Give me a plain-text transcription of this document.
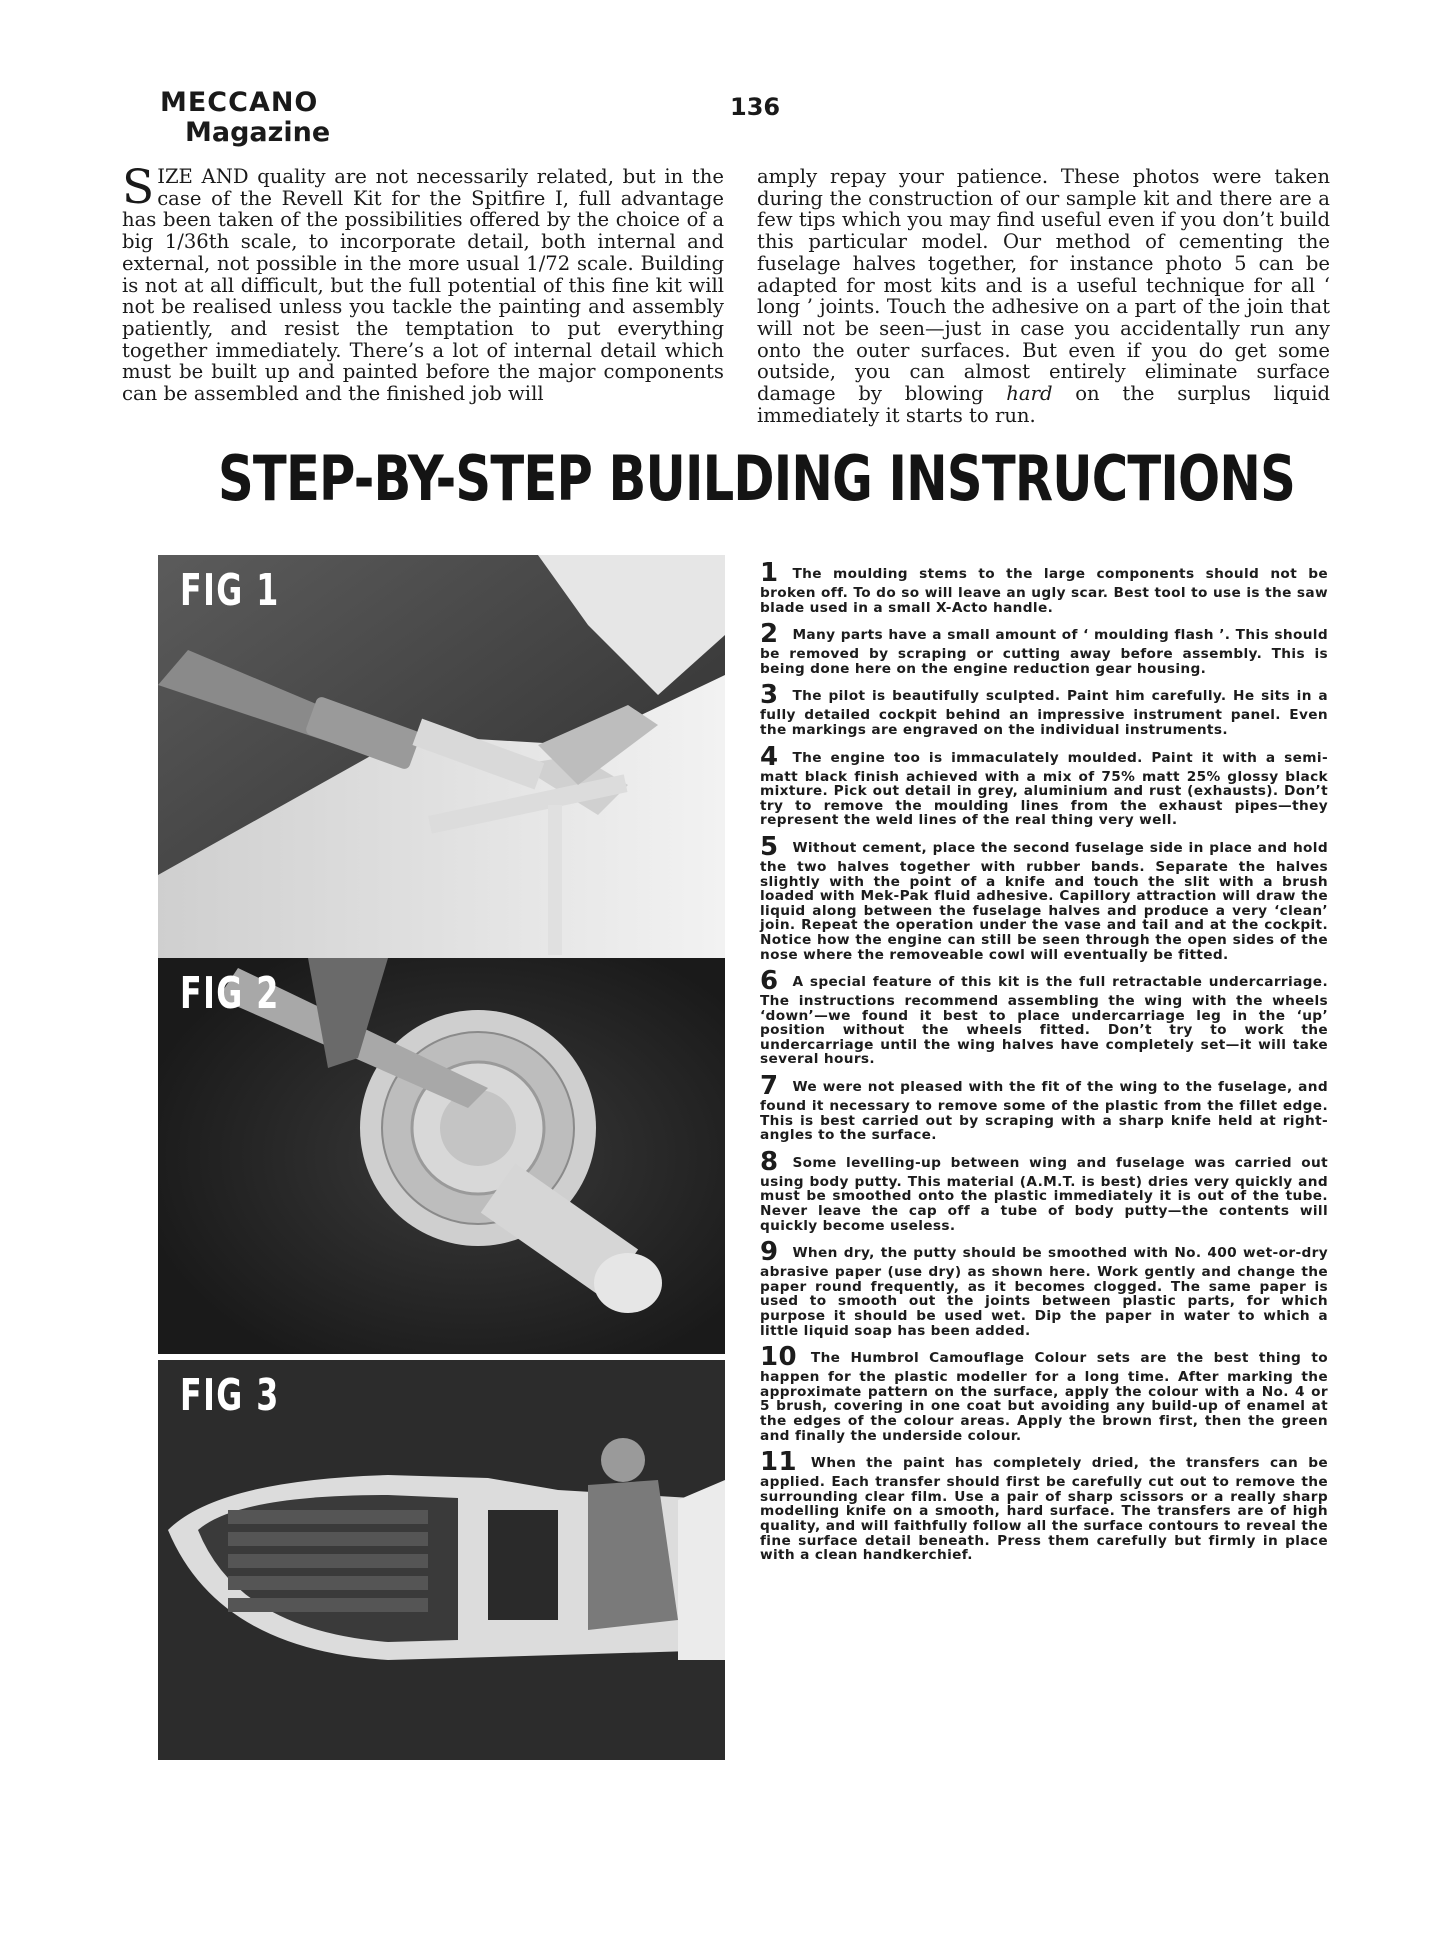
MECCANO
Magazine
136
SIZE AND quality are not necessarily related, but in the case of the Revell Kit for the Spitfire I, full advantage has been taken of the possibilities offered by the choice of a big 1/36th scale, to incorporate detail, both internal and external, not possible in the more usual 1/72 scale. Building is not at all difficult, but the full potential of this fine kit will not be realised unless you tackle the painting and assembly patiently, and resist the temptation to put everything together immediately. There’s a lot of internal detail which must be built up and painted before the major components can be assembled and the finished job will
amply repay your patience. These photos were taken during the construction of our sample kit and there are a few tips which you may find useful even if you don’t build this particular model. Our method of cementing the fuselage halves together, for instance photo 5 can be adapted for most kits and is a useful technique for all ‘ long ’ joints. Touch the adhesive on a part of the join that will not be seen—just in case you accidentally run any onto the outer surfaces. But even if you do get some outside, you can almost entirely eliminate surface damage by blowing hard on the surplus liquid immediately it starts to run.
STEP-BY-STEP BUILDING INSTRUCTIONS
FIG 1
FIG 2
FIG 3
1 The moulding stems to the large components should not be broken off. To do so will leave an ugly scar. Best tool to use is the saw blade used in a small X-Acto handle.
2 Many parts have a small amount of ‘ moulding flash ’. This should be removed by scraping or cutting away before assembly. This is being done here on the engine reduction gear housing.
3 The pilot is beautifully sculpted. Paint him carefully. He sits in a fully detailed cockpit behind an impressive instrument panel. Even the markings are engraved on the individual instruments.
4 The engine too is immaculately moulded. Paint it with a semi-matt black finish achieved with a mix of 75% matt 25% glossy black mixture. Pick out detail in grey, aluminium and rust (exhausts). Don’t try to remove the moulding lines from the exhaust pipes—they represent the weld lines of the real thing very well.
5 Without cement, place the second fuselage side in place and hold the two halves together with rubber bands. Separate the halves slightly with the point of a knife and touch the slit with a brush loaded with Mek-Pak fluid adhesive. Capillory attraction will draw the liquid along between the fuselage halves and produce a very ‘clean’ join. Repeat the operation under the vase and tail and at the cockpit. Notice how the engine can still be seen through the open sides of the nose where the removeable cowl will eventually be fitted.
6 A special feature of this kit is the full retractable undercarriage. The instructions recommend assembling the wing with the wheels ‘down’—we found it best to place undercarriage leg in the ‘up’ position without the wheels fitted. Don’t try to work the undercarriage until the wing halves have completely set—it will take several hours.
7 We were not pleased with the fit of the wing to the fuselage, and found it necessary to remove some of the plastic from the fillet edge. This is best carried out by scraping with a sharp knife held at right-angles to the surface.
8 Some levelling-up between wing and fuselage was carried out using body putty. This material (A.M.T. is best) dries very quickly and must be smoothed onto the plastic immediately it is out of the tube. Never leave the cap off a tube of body putty—the contents will quickly become useless.
9 When dry, the putty should be smoothed with No. 400 wet-or-dry abrasive paper (use dry) as shown here. Work gently and change the paper round frequently, as it becomes clogged. The same paper is used to smooth out the joints between plastic parts, for which purpose it should be used wet. Dip the paper in water to which a little liquid soap has been added.
10 The Humbrol Camouflage Colour sets are the best thing to happen for the plastic modeller for a long time. After marking the approximate pattern on the surface, apply the colour with a No. 4 or 5 brush, covering in one coat but avoiding any build-up of enamel at the edges of the colour areas. Apply the brown first, then the green and finally the underside colour.
11 When the paint has completely dried, the transfers can be applied. Each transfer should first be carefully cut out to remove the surrounding clear film. Use a pair of sharp scissors or a really sharp modelling knife on a smooth, hard surface. The transfers are of high quality, and will faithfully follow all the surface contours to reveal the fine surface detail beneath. Press them carefully but firmly in place with a clean handkerchief.
